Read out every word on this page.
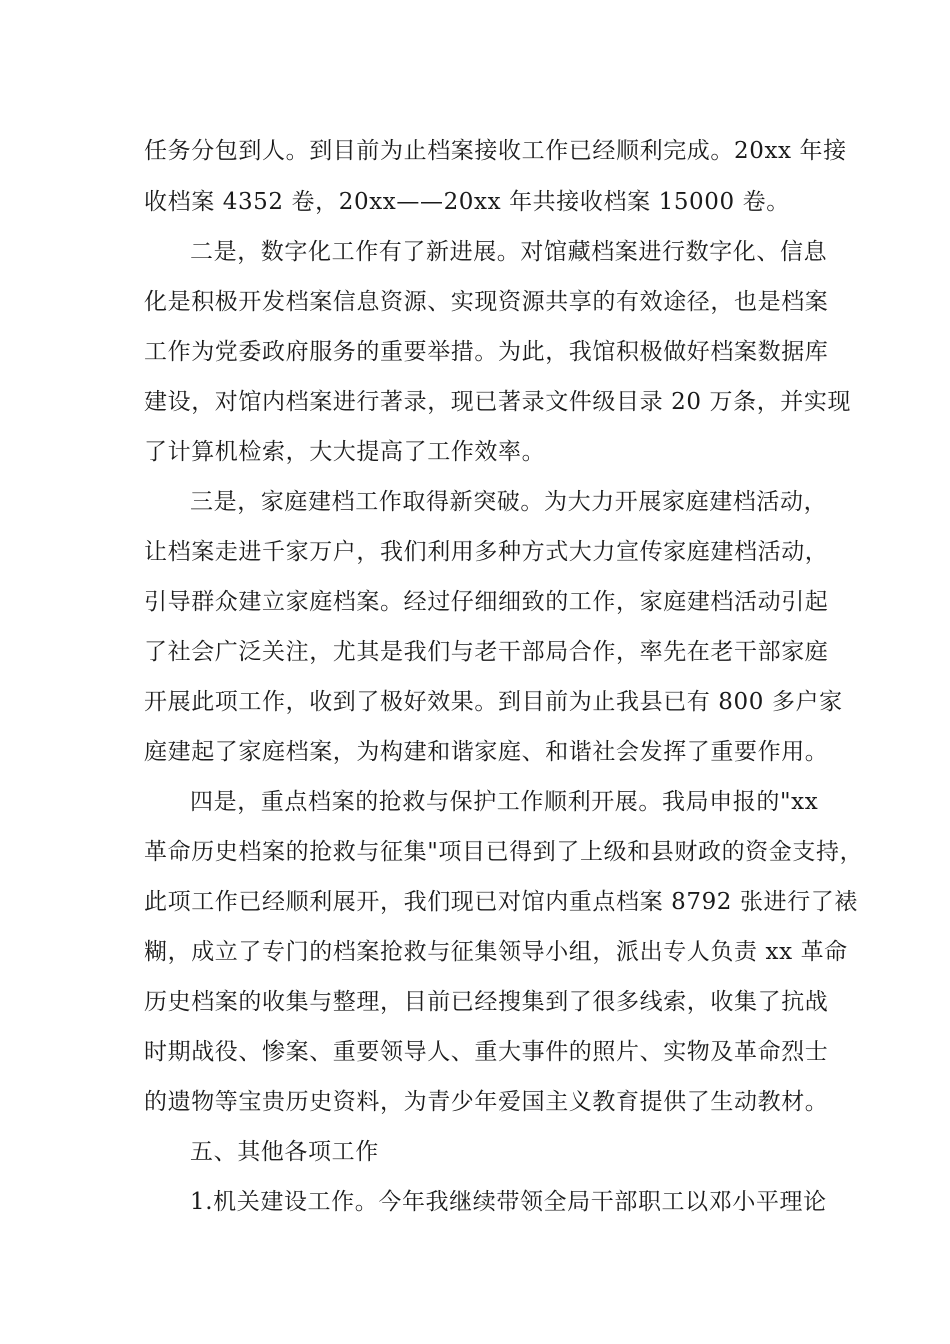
任务分包到人。到目前为止档案接收工作已经顺利完成。20xx 年接
收档案 4352 卷，20xx——20xx 年共接收档案 15000 卷。
二是，数字化工作有了新进展。对馆藏档案进行数字化、信息
化是积极开发档案信息资源、实现资源共享的有效途径，也是档案
工作为党委政府服务的重要举措。为此，我馆积极做好档案数据库
建设，对馆内档案进行著录，现已著录文件级目录 20 万条，并实现
了计算机检索，大大提高了工作效率。
三是，家庭建档工作取得新突破。为大力开展家庭建档活动，
让档案走进千家万户，我们利用多种方式大力宣传家庭建档活动，
引导群众建立家庭档案。经过仔细细致的工作，家庭建档活动引起
了社会广泛关注，尤其是我们与老干部局合作，率先在老干部家庭
开展此项工作，收到了极好效果。到目前为止我县已有 800 多户家
庭建起了家庭档案，为构建和谐家庭、和谐社会发挥了重要作用。
四是，重点档案的抢救与保护工作顺利开展。我局申报的"xx
革命历史档案的抢救与征集"项目已得到了上级和县财政的资金支持，
此项工作已经顺利展开，我们现已对馆内重点档案 8792 张进行了裱
糊，成立了专门的档案抢救与征集领导小组，派出专人负责 xx 革命
历史档案的收集与整理，目前已经搜集到了很多线索，收集了抗战
时期战役、惨案、重要领导人、重大事件的照片、实物及革命烈士
的遗物等宝贵历史资料，为青少年爱国主义教育提供了生动教材。
五、其他各项工作
1.机关建设工作。今年我继续带领全局干部职工以邓小平理论
